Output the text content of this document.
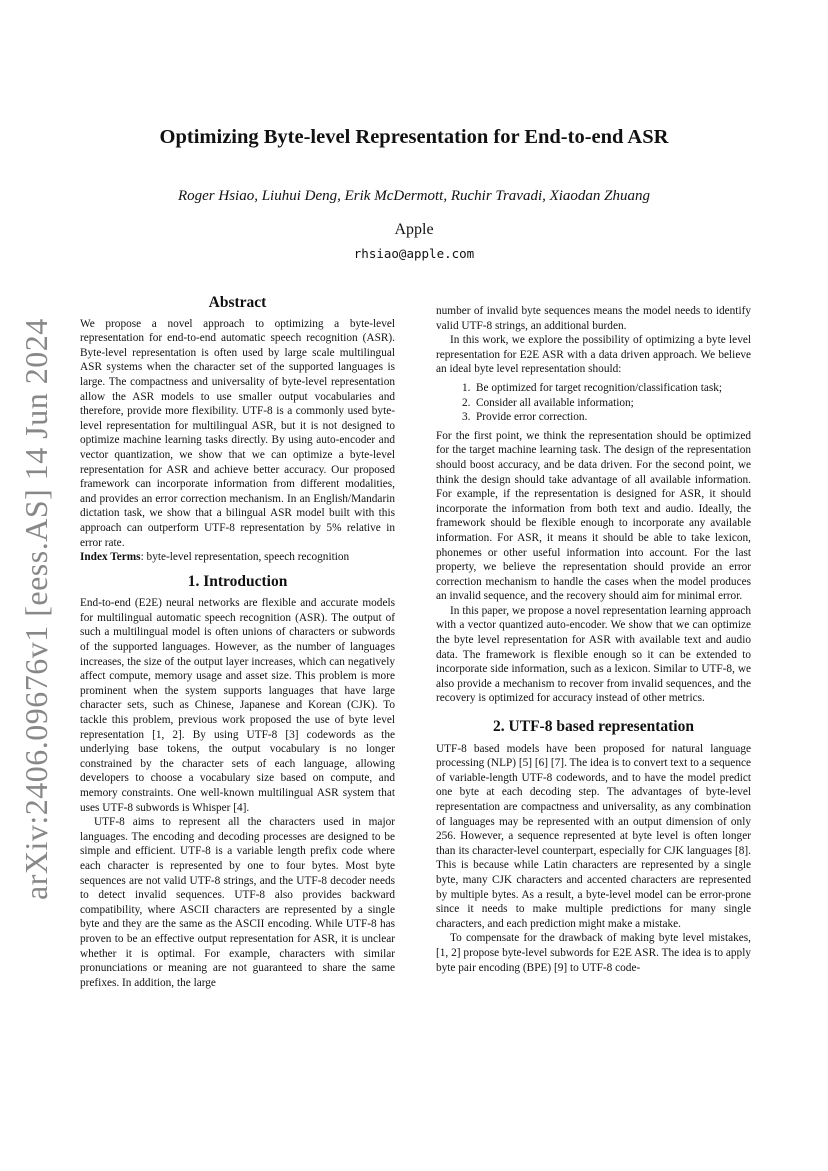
arXiv:2406.09676v1 [eess.AS] 14 Jun 2024
Optimizing Byte-level Representation for End-to-end ASR
Roger Hsiao, Liuhui Deng, Erik McDermott, Ruchir Travadi, Xiaodan Zhuang
Apple
rhsiao@apple.com
Abstract

We propose a novel approach to optimizing a byte-level representation for end-to-end automatic speech recognition (ASR). Byte-level representation is often used by large scale multilingual ASR systems when the character set of the supported languages is large. The compactness and universality of byte-level representation allow the ASR models to use smaller output vocabularies and therefore, provide more flexibility. UTF-8 is a commonly used byte-level representation for multilingual ASR, but it is not designed to optimize machine learning tasks directly. By using auto-encoder and vector quantization, we show that we can optimize a byte-level representation for ASR and achieve better accuracy. Our proposed framework can incorporate information from different modalities, and provides an error correction mechanism. In an English/Mandarin dictation task, we show that a bilingual ASR model built with this approach can outperform UTF-8 representation by 5% relative in error rate.

Index Terms: byte-level representation, speech recognition

1. Introduction

End-to-end (E2E) neural networks are flexible and accurate models for multilingual automatic speech recognition (ASR). The output of such a multilingual model is often unions of characters or subwords of the supported languages. However, as the number of languages increases, the size of the output layer increases, which can negatively affect compute, memory usage and asset size. This problem is more prominent when the system supports languages that have large character sets, such as Chinese, Japanese and Korean (CJK). To tackle this problem, previous work proposed the use of byte level representation [1, 2]. By using UTF-8 [3] codewords as the underlying base tokens, the output vocabulary is no longer constrained by the character sets of each language, allowing developers to choose a vocabulary size based on compute, and memory constraints. One well-known multilingual ASR system that uses UTF-8 subwords is Whisper [4].

UTF-8 aims to represent all the characters used in major languages. The encoding and decoding processes are designed to be simple and efficient. UTF-8 is a variable length prefix code where each character is represented by one to four bytes. Most byte sequences are not valid UTF-8 strings, and the UTF-8 decoder needs to detect invalid sequences. UTF-8 also provides backward compatibility, where ASCII characters are represented by a single byte and they are the same as the ASCII encoding. While UTF-8 has proven to be an effective output representation for ASR, it is unclear whether it is optimal. For example, characters with similar pronunciations or meaning are not guaranteed to share the same prefixes. In addition, the large

number of invalid byte sequences means the model needs to identify valid UTF-8 strings, an additional burden.

In this work, we explore the possibility of optimizing a byte level representation for E2E ASR with a data driven approach. We believe an ideal byte level representation should:

1. Be optimized for target recognition/classification task;
2. Consider all available information;
3. Provide error correction.

For the first point, we think the representation should be optimized for the target machine learning task. The design of the representation should boost accuracy, and be data driven. For the second point, we think the design should take advantage of all available information. For example, if the representation is designed for ASR, it should incorporate the information from both text and audio. Ideally, the framework should be flexible enough to incorporate any available information. For ASR, it means it should be able to take lexicon, phonemes or other useful information into account. For the last property, we believe the representation should provide an error correction mechanism to handle the cases when the model produces an invalid sequence, and the recovery should aim for minimal error.

In this paper, we propose a novel representation learning approach with a vector quantized auto-encoder. We show that we can optimize the byte level representation for ASR with available text and audio data. The framework is flexible enough so it can be extended to incorporate side information, such as a lexicon. Similar to UTF-8, we also provide a mechanism to recover from invalid sequences, and the recovery is optimized for accuracy instead of other metrics.

2. UTF-8 based representation

UTF-8 based models have been proposed for natural language processing (NLP) [5] [6] [7]. The idea is to convert text to a sequence of variable-length UTF-8 codewords, and to have the model predict one byte at each decoding step. The advantages of byte-level representation are compactness and universality, as any combination of languages may be represented with an output dimension of only 256. However, a sequence represented at byte level is often longer than its character-level counterpart, especially for CJK languages [8]. This is because while Latin characters are represented by a single byte, many CJK characters and accented characters are represented by multiple bytes. As a result, a byte-level model can be error-prone since it needs to make multiple predictions for many single characters, and each prediction might make a mistake.

To compensate for the drawback of making byte level mistakes, [1, 2] propose byte-level subwords for E2E ASR. The idea is to apply byte pair encoding (BPE) [9] to UTF-8 code-
